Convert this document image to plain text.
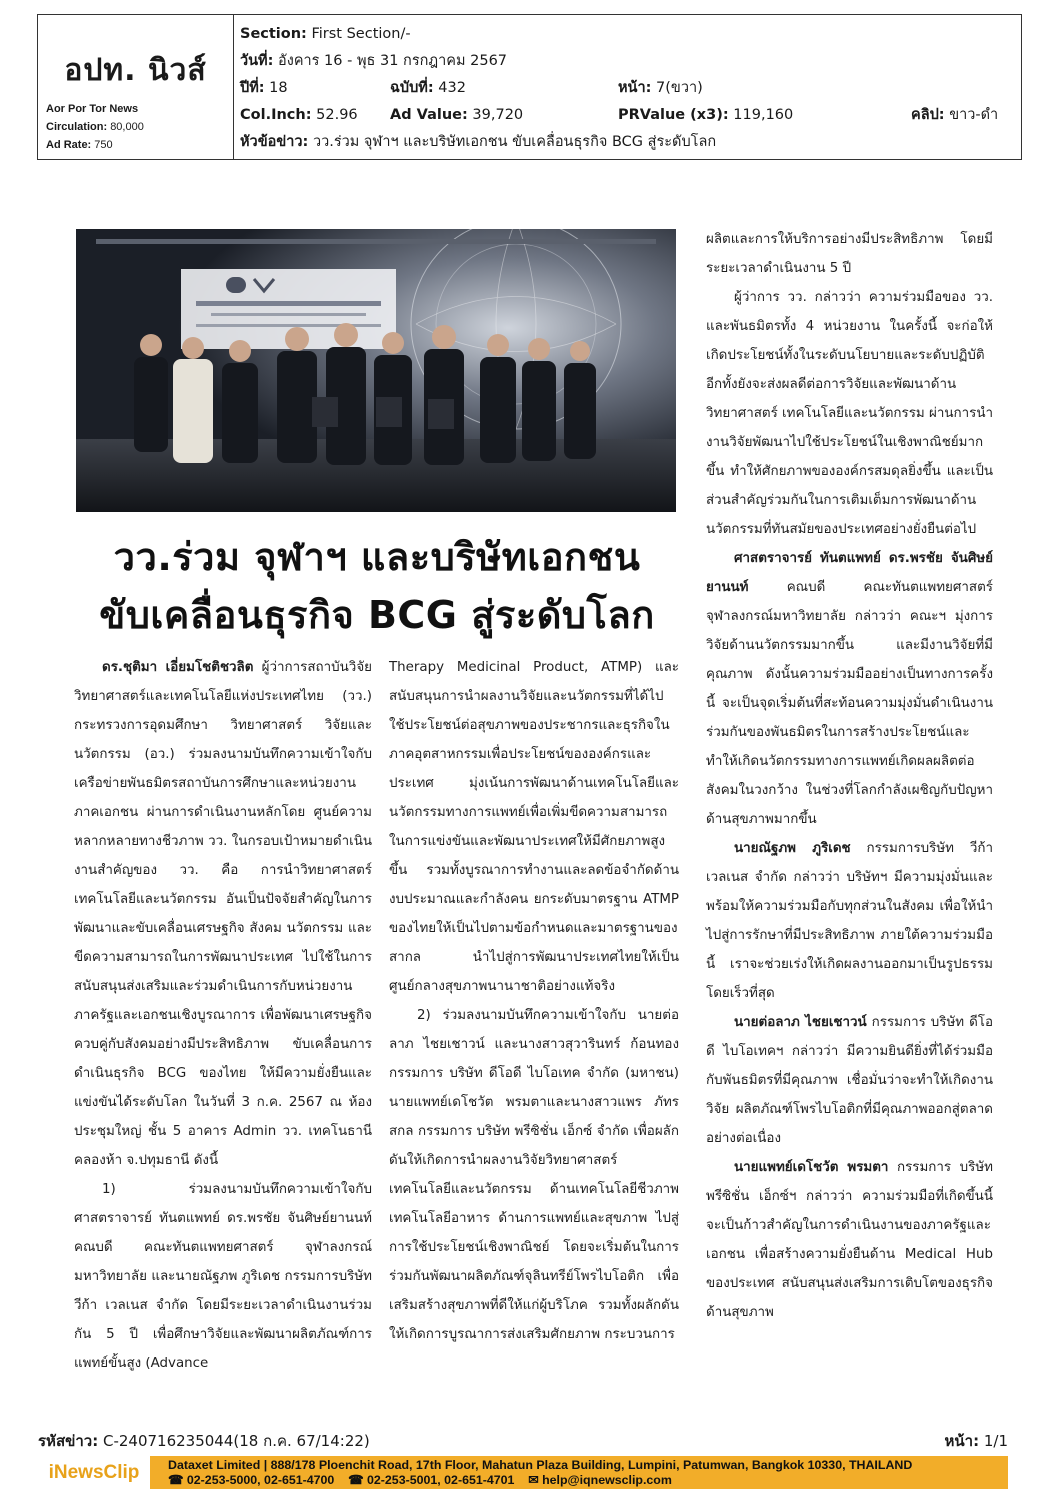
อปท. นิวส์
Aor Por Tor News
Circulation: 80,000
Ad Rate: 750
Section:
First Section/-
วันที่:
อังคาร 16 - พุธ 31 กรกฎาคม 2567
ปีที่: 18	ฉบับที่: 432	หน้า: 7(ขวา)
Col.Inch: 52.96	Ad Value: 39,720	PRValue (x3): 119,160	คลิป: ขาว-ดำ
หัวข้อข่าว:
วว.ร่วม จุฬาฯ และบริษัทเอกชน ขับเคลื่อนธุรกิจ BCG สู่ระดับโลก
วว.ร่วม จุฬาฯ และบริษัทเอกชน
ขับเคลื่อนธุรกิจ BCG สู่ระดับโลก

ดร.ชุติมา เอี่ยมโชติชวลิต ผู้ว่าการสถาบันวิจัยวิทยาศาสตร์และเทคโนโลยีแห่งประเทศไทย (วว.) กระทรวงการอุดมศึกษา วิทยาศาสตร์ วิจัยและนวัตกรรม (อว.) ร่วมลงนามบันทึกความเข้าใจกับเครือข่ายพันธมิตรสถาบันการศึกษาและหน่วยงานภาคเอกชน ผ่านการดำเนินงานหลักโดย ศูนย์ความหลากหลายทางชีวภาพ วว. ในกรอบเป้าหมายดำเนินงานสำคัญของ วว. คือ การนำวิทยาศาสตร์ เทคโนโลยีและนวัตกรรม อันเป็นปัจจัยสำคัญในการพัฒนาและขับเคลื่อนเศรษฐกิจ สังคม นวัตกรรม และขีดความสามารถในการพัฒนาประเทศ ไปใช้ในการสนับสนุนส่งเสริมและร่วมดำเนินการกับหน่วยงานภาครัฐและเอกชนเชิงบูรณาการ เพื่อพัฒนาเศรษฐกิจควบคู่กับสังคมอย่างมีประสิทธิภาพ ขับเคลื่อนการดำเนินธุรกิจ BCG ของไทย ให้มีความยั่งยืนและแข่งขันได้ระดับโลก ในวันที่ 3 ก.ค. 2567 ณ ห้องประชุมใหญ่ ชั้น 5 อาคาร Admin วว. เทคโนธานี คลองห้า จ.ปทุมธานี ดังนี้

1) ร่วมลงนามบันทึกความเข้าใจกับ ศาสตราจารย์ ทันตแพทย์ ดร.พรชัย จันศิษย์ยานนท์ คณบดี คณะทันตแพทยศาสตร์ จุฬาลงกรณ์มหาวิทยาลัย และนายณัฐภพ ภูริเดช กรรมการบริษัท วีก้า เวลเนส จำกัด โดยมีระยะเวลาดำเนินงานร่วมกัน 5 ปี เพื่อศึกษาวิจัยและพัฒนาผลิตภัณฑ์การแพทย์ขั้นสูง (Advance

Therapy Medicinal Product, ATMP) และสนับสนุนการนำผลงานวิจัยและนวัตกรรมที่ได้ไปใช้ประโยชน์ต่อสุขภาพของประชากรและธุรกิจในภาคอุตสาหกรรมเพื่อประโยชน์ขององค์กรและประเทศ มุ่งเน้นการพัฒนาด้านเทคโนโลยีและนวัตกรรมทางการแพทย์เพื่อเพิ่มขีดความสามารถในการแข่งขันและพัฒนาประเทศให้มีศักยภาพสูงขึ้น รวมทั้งบูรณาการทำงานและลดข้อจำกัดด้านงบประมาณและกำลังคน ยกระดับมาตรฐาน ATMP ของไทยให้เป็นไปตามข้อกำหนดและมาตรฐานของสากล นำไปสู่การพัฒนาประเทศไทยให้เป็นศูนย์กลางสุขภาพนานาชาติอย่างแท้จริง

2) ร่วมลงนามบันทึกความเข้าใจกับ นายต่อลาภ ไชยเชาวน์ และนางสาวสุวารินทร์ ก้อนทอง กรรมการ บริษัท ดีโอดี ไบโอเทค จำกัด (มหาชน) นายแพทย์เดโชวัต พรมตาและนางสาวแพร ภัทรสกล กรรมการ บริษัท พรีซิชั่น เอ็กซ์ จำกัด เพื่อผลักดันให้เกิดการนำผลงานวิจัยวิทยาศาสตร์ เทคโนโลยีและนวัตกรรม ด้านเทคโนโลยีชีวภาพ เทคโนโลยีอาหาร ด้านการแพทย์และสุขภาพ ไปสู่การใช้ประโยชน์เชิงพาณิชย์ โดยจะเริ่มต้นในการร่วมกันพัฒนาผลิตภัณฑ์จุลินทรีย์โพรไบโอติก เพื่อเสริมสร้างสุขภาพที่ดีให้แก่ผู้บริโภค รวมทั้งผลักดันให้เกิดการบูรณาการส่งเสริมศักยภาพ กระบวนการ

ผลิตและการให้บริการอย่างมีประสิทธิภาพ โดยมีระยะเวลาดำเนินงาน 5 ปี

ผู้ว่าการ วว. กล่าวว่า ความร่วมมือของ วว. และพันธมิตรทั้ง 4 หน่วยงาน ในครั้งนี้ จะก่อให้เกิดประโยชน์ทั้งในระดับนโยบายและระดับปฏิบัติ อีกทั้งยังจะส่งผลดีต่อการวิจัยและพัฒนาด้านวิทยาศาสตร์ เทคโนโลยีและนวัตกรรม ผ่านการนำงานวิจัยพัฒนาไปใช้ประโยชน์ในเชิงพาณิชย์มากขึ้น ทำให้ศักยภาพขององค์กรสมดุลยิ่งขึ้น และเป็นส่วนสำคัญร่วมกันในการเติมเต็มการพัฒนาด้านนวัตกรรมที่ทันสมัยของประเทศอย่างยั่งยืนต่อไป

ศาสตราจารย์ ทันตแพทย์ ดร.พรชัย จันศิษย์ยานนท์ คณบดี คณะทันตแพทยศาสตร์ จุฬาลงกรณ์มหาวิทยาลัย กล่าวว่า คณะฯ มุ่งการวิจัยด้านนวัตกรรมมากขึ้น และมีงานวิจัยที่มีคุณภาพ ดังนั้นความร่วมมืออย่างเป็นทางการครั้งนี้ จะเป็นจุดเริ่มต้นที่สะท้อนความมุ่งมั่นดำเนินงานร่วมกันของพันธมิตรในการสร้างประโยชน์และทำให้เกิดนวัตกรรมทางการแพทย์เกิดผลผลิตต่อสังคมในวงกว้าง ในช่วงที่โลกกำลังเผชิญกับปัญหาด้านสุขภาพมากขึ้น

นายณัฐภพ ภูริเดช กรรมการบริษัท วีก้า เวลเนส จำกัด กล่าวว่า บริษัทฯ มีความมุ่งมั่นและพร้อมให้ความร่วมมือกับทุกส่วนในสังคม เพื่อให้นำไปสู่การรักษาที่มีประสิทธิภาพ ภายใต้ความร่วมมือนี้ เราจะช่วยเร่งให้เกิดผลงานออกมาเป็นรูปธรรมโดยเร็วที่สุด

นายต่อลาภ ไชยเชาวน์ กรรมการ บริษัท ดีโอดี ไบโอเทคฯ กล่าวว่า มีความยินดียิ่งที่ได้ร่วมมือกับพันธมิตรที่มีคุณภาพ เชื่อมั่นว่าจะทำให้เกิดงานวิจัย ผลิตภัณฑ์โพรไบโอติกที่มีคุณภาพออกสู่ตลาดอย่างต่อเนื่อง

นายแพทย์เดโชวัต พรมตา กรรมการ บริษัท พรีซิชั่น เอ็กซ์ฯ กล่าวว่า ความร่วมมือที่เกิดขึ้นนี้ จะเป็นก้าวสำคัญในการดำเนินงานของภาครัฐและเอกชน เพื่อสร้างความยั่งยืนด้าน Medical Hub ของประเทศ สนับสนุนส่งเสริมการเติบโตของธุรกิจด้านสุขภาพ

รหัสข่าว: C-240716235044(18 ก.ค. 67/14:22)	หน้า: 1/1
iNewsClip	Dataxet Limited | 888/178 Ploenchit Road, 17th Floor, Mahatun Plaza Building, Lumpini, Patumwan, Bangkok 10330, THAILAND
☎ 02-253-5000, 02-651-4700 ☎ 02-253-5001, 02-651-4701 ✉ help@iqnewsclip.com
